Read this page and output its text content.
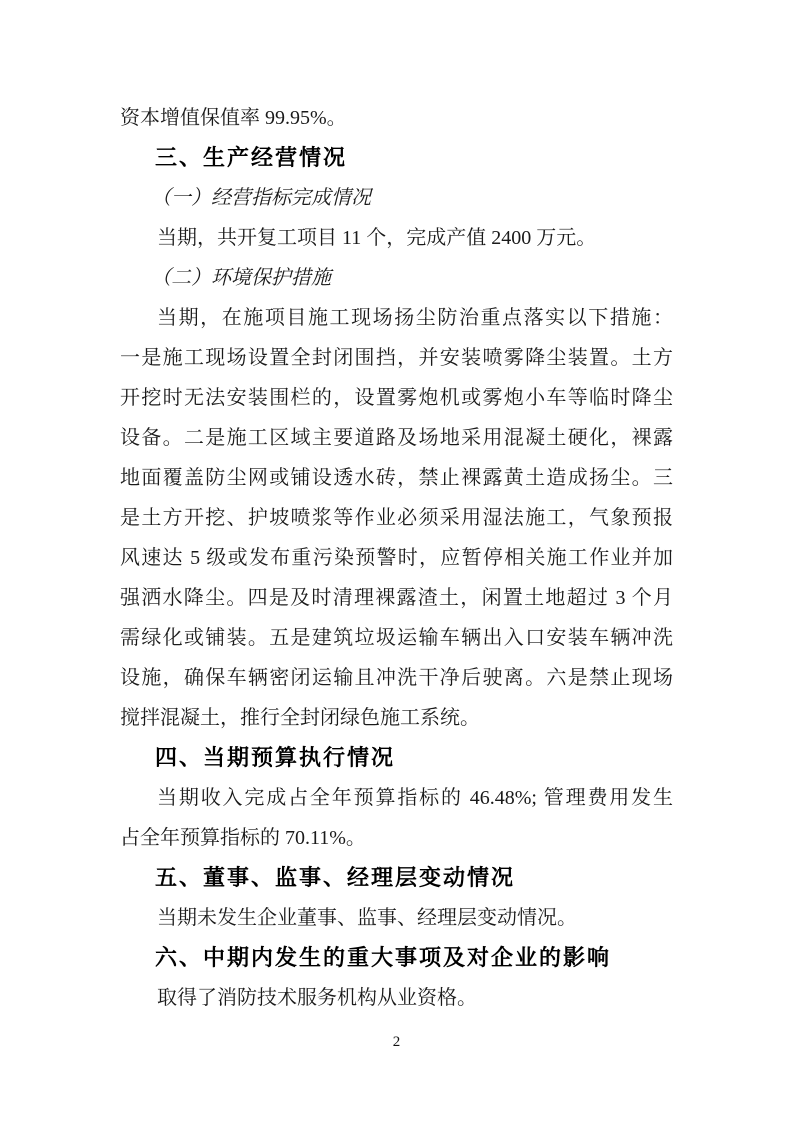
资本增值保值率 99.95%。
三、生产经营情况
（一）经营指标完成情况
当期，共开复工项目 11 个，完成产值 2400 万元。
（二）环境保护措施
当期，在施项目施工现场扬尘防治重点落实以下措施：
一是施工现场设置全封闭围挡，并安装喷雾降尘装置。土方
开挖时无法安装围栏的，设置雾炮机或雾炮小车等临时降尘
设备。二是施工区域主要道路及场地采用混凝土硬化，裸露
地面覆盖防尘网或铺设透水砖，禁止裸露黄土造成扬尘。三
是土方开挖、护坡喷浆等作业必须采用湿法施工，气象预报
风速达 5 级或发布重污染预警时，应暂停相关施工作业并加
强洒水降尘。四是及时清理裸露渣土，闲置土地超过 3 个月
需绿化或铺装。五是建筑垃圾运输车辆出入口安装车辆冲洗
设施，确保车辆密闭运输且冲洗干净后驶离。六是禁止现场
搅拌混凝土，推行全封闭绿色施工系统。
四、当期预算执行情况
当期收入完成占全年预算指标的 46.48%; 管理费用发生
占全年预算指标的 70.11%。
五、董事、监事、经理层变动情况
当期未发生企业董事、监事、经理层变动情况。
六、中期内发生的重大事项及对企业的影响
取得了消防技术服务机构从业资格。
2
